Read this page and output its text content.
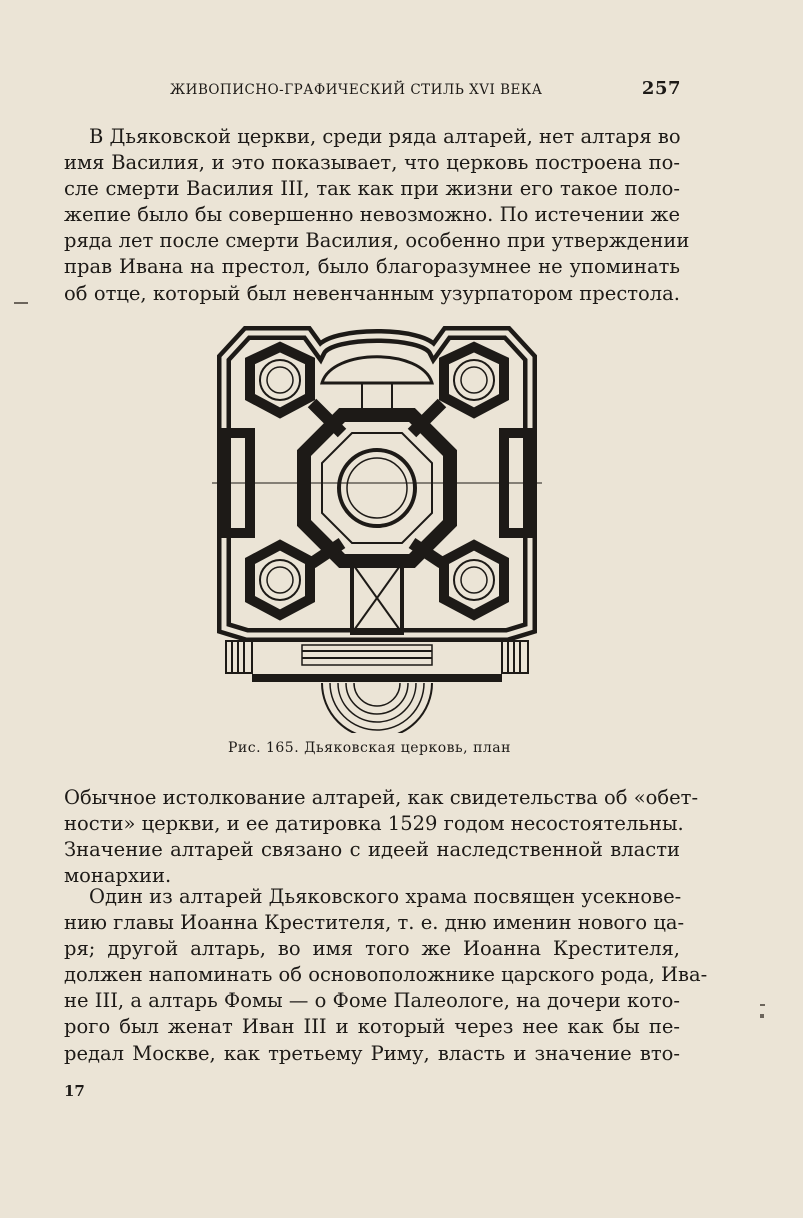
ЖИВОПИСНО-ГРАФИЧЕСКИЙ СТИЛЬ XVI ВЕКА	257
В Дьяковской церкви, среди ряда алтарей, нет алтаря во
имя Василия, и это показывает, что церковь построена по-
сле смерти Василия III, так как при жизни его такое поло-
жепие было бы совершенно невозможно. По истечении же
ряда лет после смерти Василия, особенно при утверждении
прав Ивана на престол, было благоразумнее не упоминать
об отце, который был невенчанным узурпатором престола.
Рис. 165. Дьяковская церковь, план
Обычное истолкование алтарей, как свидетельства об «обет-
ности» церкви, и ее датировка 1529 годом несостоятельны.
Значение алтарей связано с идеей наследственной власти
монархии.
Один из алтарей Дьяковского храма посвящен усекнове-
нию главы Иоанна Крестителя, т. е. дню именин нового ца-
ря; другой алтарь, во имя того же Иоанна Крестителя,
должен напоминать об основоположнике царского рода, Ива-
не III, а алтарь Фомы — о Фоме Палеологе, на дочери кото-
рого был женат Иван III и который через нее как бы пе-
редал Москве, как третьему Риму, власть и значение вто-
17
